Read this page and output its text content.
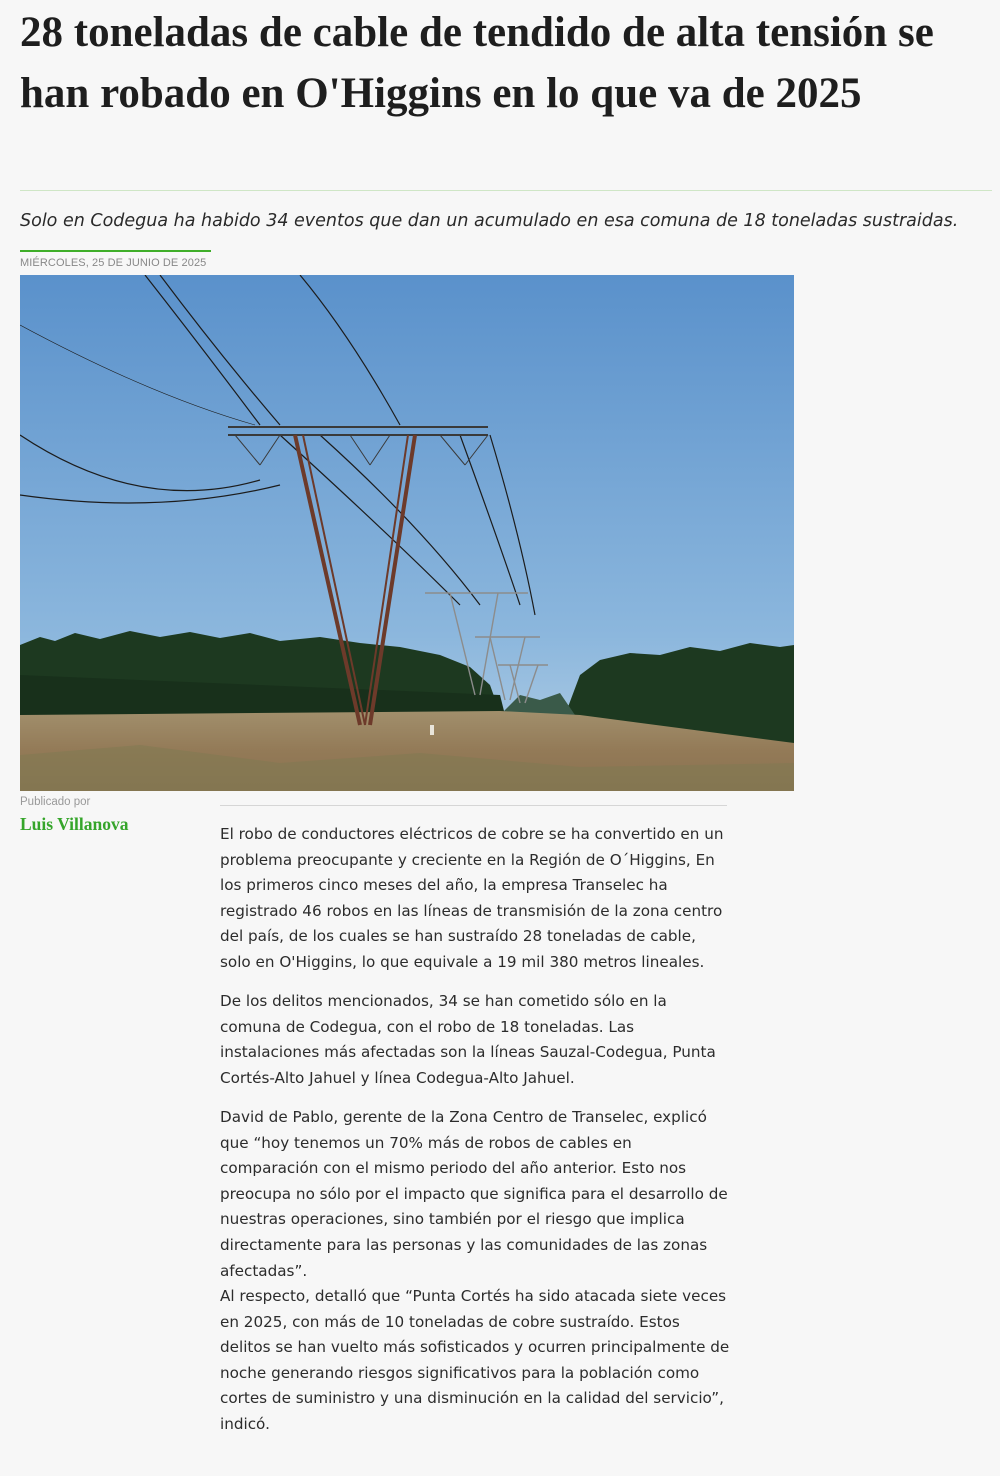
28 toneladas de cable de tendido de alta tensión se han robado en O'Higgins en lo que va de 2025

Solo en Codegua ha habido 34 eventos que dan un acumulado en esa comuna de 18 toneladas sustraidas.

MIÉRCOLES, 25 DE JUNIO DE 2025
Publicado por
Luis Villanova	El robo de conductores eléctricos de cobre se ha convertido en un problema preocupante y creciente en la Región de O´Higgins, En los primeros cinco meses del año, la empresa Transelec ha registrado 46 robos en las líneas de transmisión de la zona centro del país, de los cuales se han sustraído 28 toneladas de cable, solo en O'Higgins, lo que equivale a 19 mil 380 metros lineales.

De los delitos mencionados, 34 se han cometido sólo en la comuna de Codegua, con el robo de 18 toneladas. Las instalaciones más afectadas son la líneas Sauzal-Codegua, Punta Cortés-Alto Jahuel y línea Codegua-Alto Jahuel.

David de Pablo, gerente de la Zona Centro de Transelec, explicó que “hoy tenemos un 70% más de robos de cables en comparación con el mismo periodo del año anterior. Esto nos preocupa no sólo por el impacto que significa para el desarrollo de nuestras operaciones, sino también por el riesgo que implica directamente para las personas y las comunidades de las zonas afectadas”.

Al respecto, detalló que “Punta Cortés ha sido atacada siete veces en 2025, con más de 10 toneladas de cobre sustraído. Estos delitos se han vuelto más sofisticados y ocurren principalmente de noche generando riesgos significativos para la población como cortes de suministro y una disminución en la calidad del servicio”, indicó.
